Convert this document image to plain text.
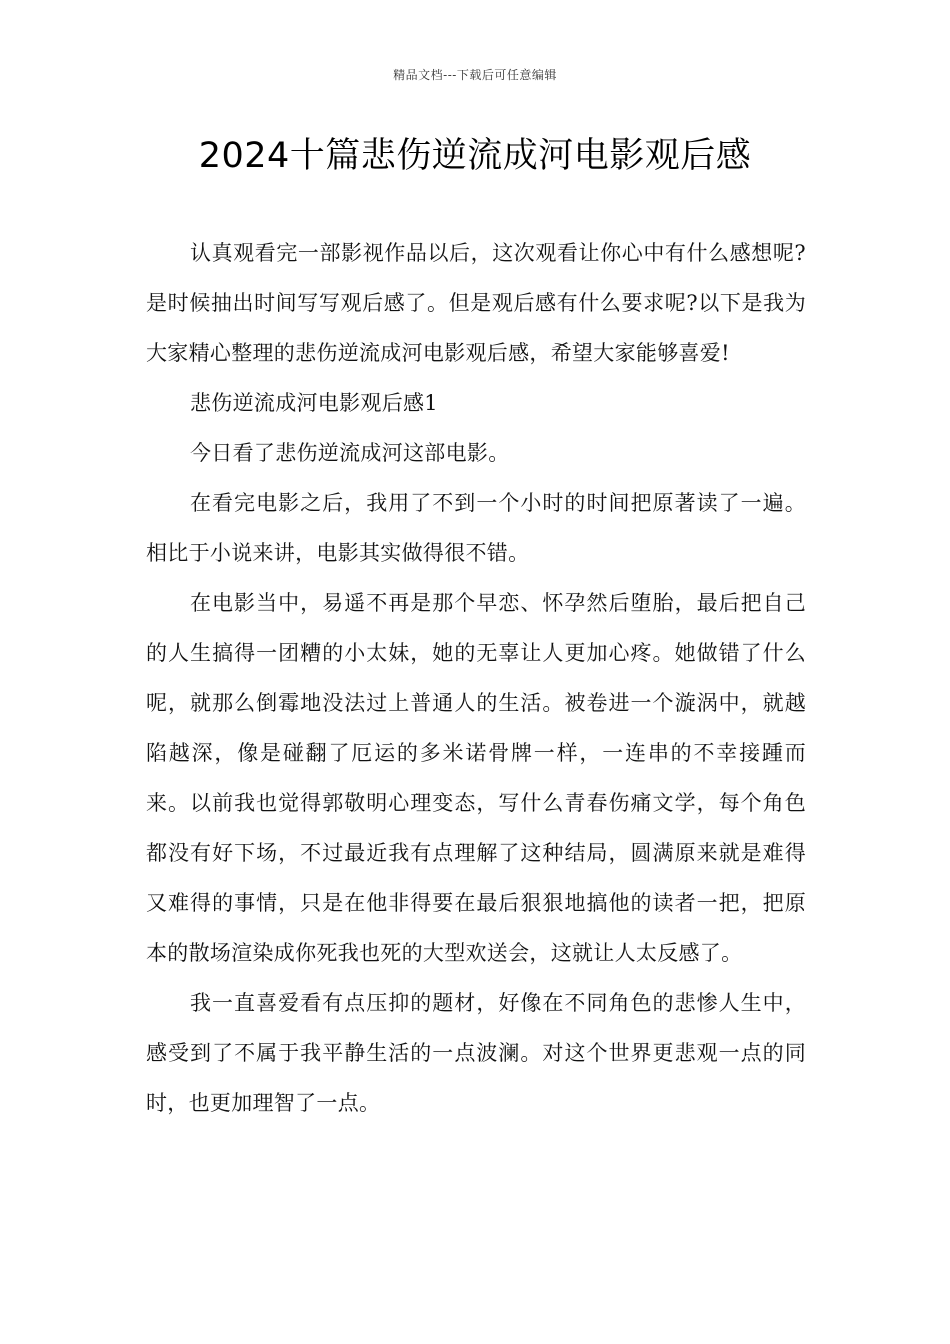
精品文档---下载后可任意编辑
2024十篇悲伤逆流成河电影观后感

认真观看完一部影视作品以后，这次观看让你心中有什么感想呢?是时候抽出时间写写观后感了。但是观后感有什么要求呢?以下是我为大家精心整理的悲伤逆流成河电影观后感，希望大家能够喜爱!

悲伤逆流成河电影观后感1

今日看了悲伤逆流成河这部电影。

在看完电影之后，我用了不到一个小时的时间把原著读了一遍。相比于小说来讲，电影其实做得很不错。

在电影当中，易遥不再是那个早恋、怀孕然后堕胎，最后把自己的人生搞得一团糟的小太妹，她的无辜让人更加心疼。她做错了什么呢，就那么倒霉地没法过上普通人的生活。被卷进一个漩涡中，就越陷越深，像是碰翻了厄运的多米诺骨牌一样，一连串的不幸接踵而来。以前我也觉得郭敬明心理变态，写什么青春伤痛文学，每个角色都没有好下场，不过最近我有点理解了这种结局，圆满原来就是难得又难得的事情，只是在他非得要在最后狠狠地搞他的读者一把，把原本的散场渲染成你死我也死的大型欢送会，这就让人太反感了。

我一直喜爱看有点压抑的题材，好像在不同角色的悲惨人生中，感受到了不属于我平静生活的一点波澜。对这个世界更悲观一点的同时，也更加理智了一点。
